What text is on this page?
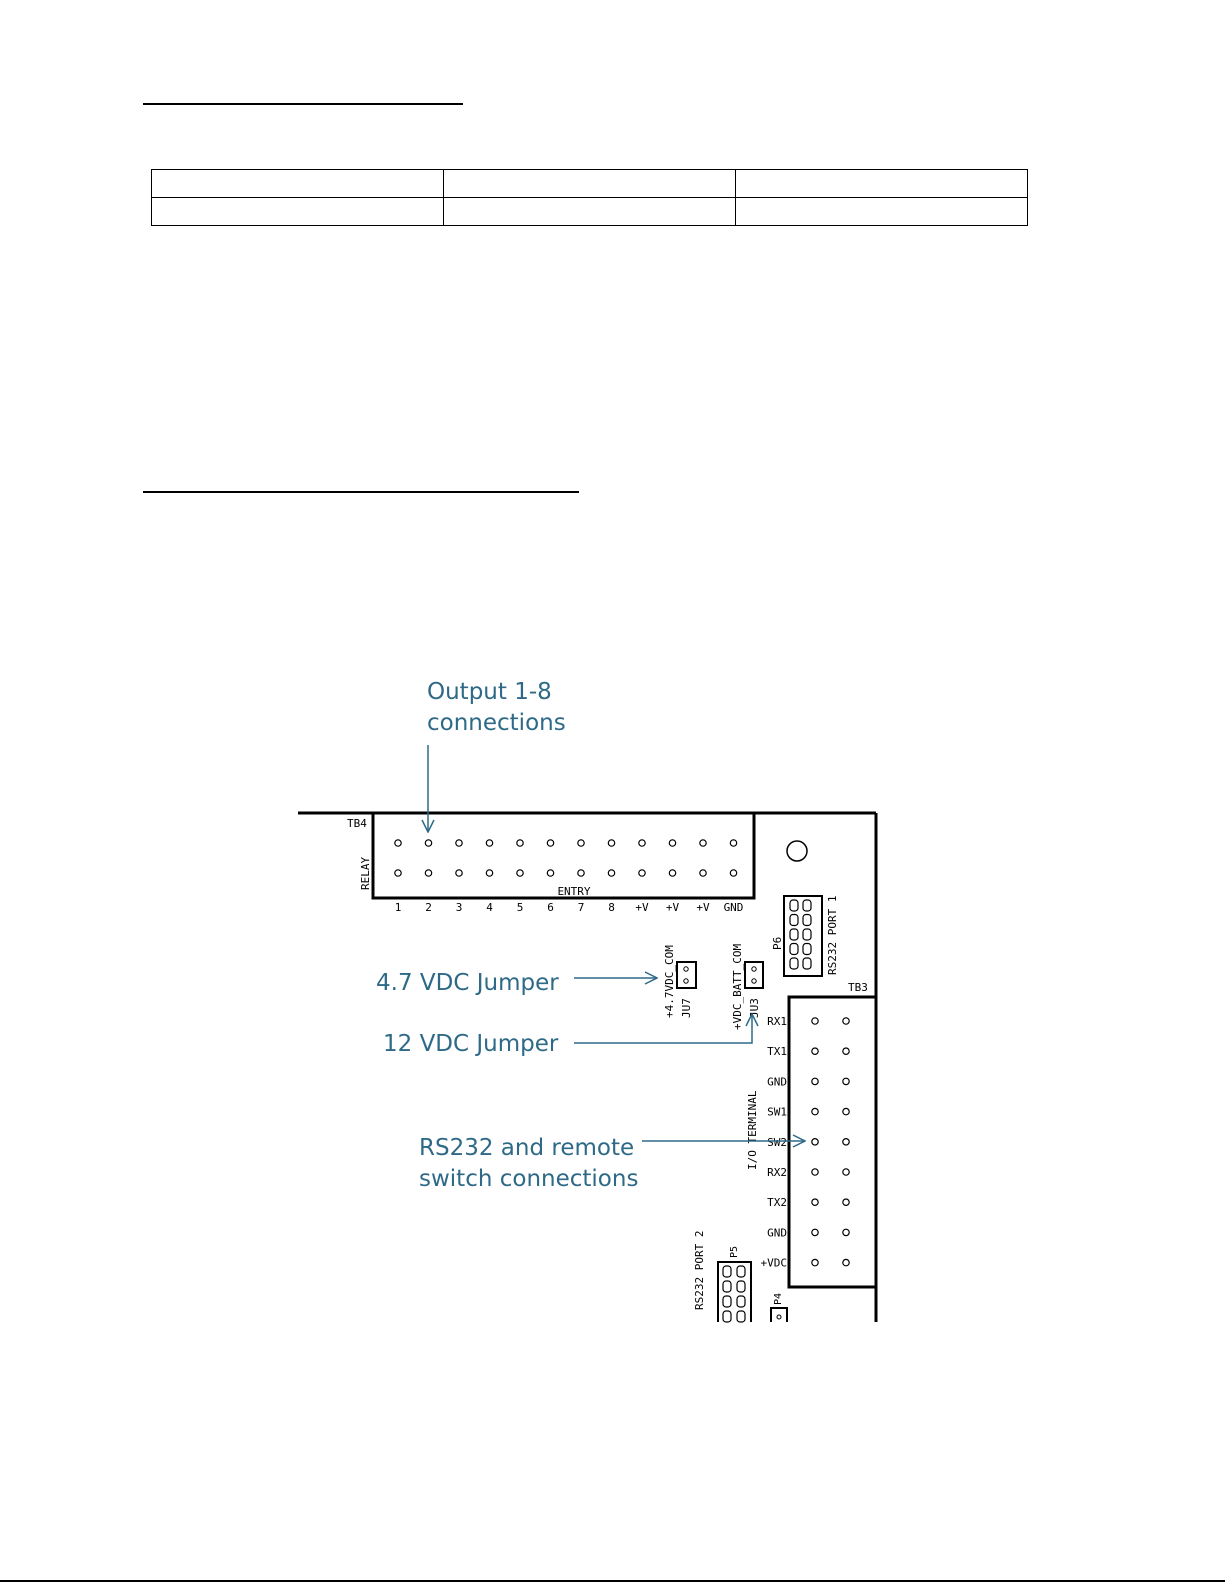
TB4
RELAY
ENTRY
1 2 3 4 5 6 7 8 +V +V +V GND
P6	RS232 PORT 1
+4.7VDC_COM JU7	+VDC_BATT_COM JU3
TB3
I/O TERMINAL
RX1
TX1
GND
SW1
SW2
RX2
TX2
GND
+VDC
RS232 PORT 2 P5
P4
Output 1-8
connections
4.7 VDC Jumper
12 VDC Jumper
RS232 and remote
switch connections
